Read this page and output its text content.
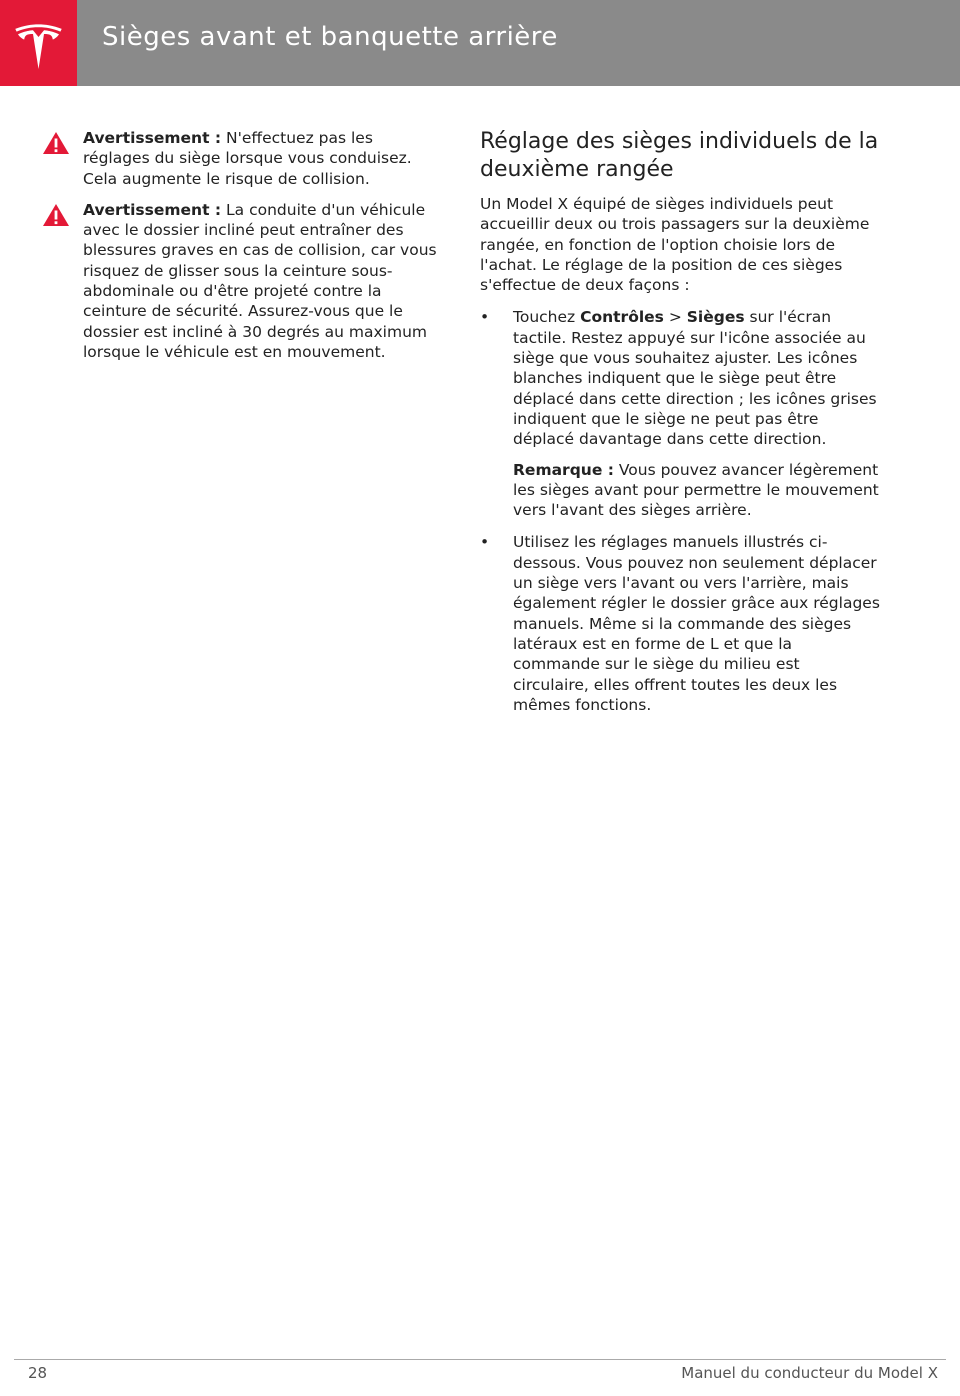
Sièges avant et banquette arrière
Avertissement : N'effectuez pas les réglages du siège lorsque vous conduisez. Cela augmente le risque de collision.
Avertissement : La conduite d'un véhicule avec le dossier incliné peut entraîner des blessures graves en cas de collision, car vous risquez de glisser sous la ceinture sous-abdominale ou d'être projeté contre la ceinture de sécurité. Assurez-vous que le dossier est incliné à 30 degrés au maximum lorsque le véhicule est en mouvement.
Réglage des sièges individuels de la deuxième rangée

Un Model X équipé de sièges individuels peut accueillir deux ou trois passagers sur la deuxième rangée, en fonction de l'option choisie lors de l'achat. Le réglage de la position de ces sièges s'effectue de deux façons :

• Touchez Contrôles > Sièges sur l'écran tactile. Restez appuyé sur l'icône associée au siège que vous souhaitez ajuster. Les icônes blanches indiquent que le siège peut être déplacé dans cette direction ; les icônes grises indiquent que le siège ne peut pas être déplacé davantage dans cette direction.
Remarque : Vous pouvez avancer légèrement les sièges avant pour permettre le mouvement vers l'avant des sièges arrière.
• Utilisez les réglages manuels illustrés ci-dessous. Vous pouvez non seulement déplacer un siège vers l'avant ou vers l'arrière, mais également régler le dossier grâce aux réglages manuels. Même si la commande des sièges latéraux est en forme de L et que la commande sur le siège du milieu est circulaire, elles offrent toutes les deux les mêmes fonctions.
28	Manuel du conducteur du Model X
